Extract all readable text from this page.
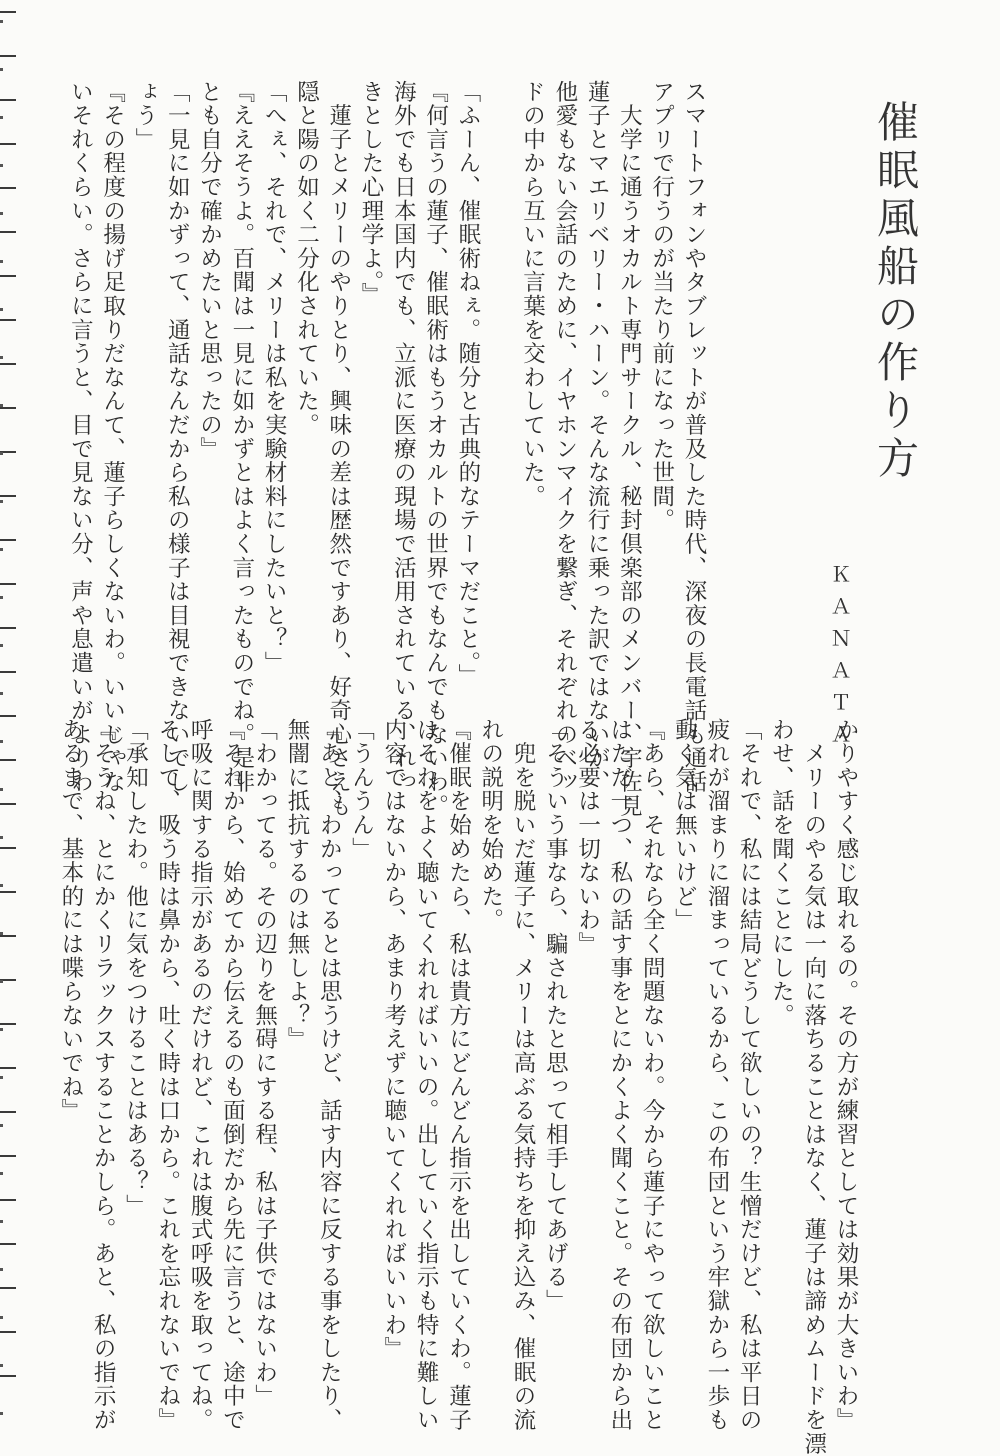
催眠風船の作り方
ＫＡＮＡＴＡ
スマートフォンやタブレットが普及した時代、深夜の長電話も通話
アプリで行うのが当たり前になった世間。
　大学に通うオカルト専門サークル、秘封倶楽部のメンバー、宇佐見
蓮子とマエリベリー・ハーン。そんな流行に乗った訳ではないが、
他愛もない会話のために、イヤホンマイクを繋ぎ、それぞれのベッ
ドの中から互いに言葉を交わしていた。

「ふーん、催眠術ねぇ。随分と古典的なテーマだこと。」
『何言うの蓮子、催眠術はもうオカルトの世界でもなんでもないわ。
海外でも日本国内でも、立派に医療の現場で活用されている、れっ
きとした心理学よ。』
　蓮子とメリーのやりとり、興味の差は歴然ですあり、好奇心さえも
隠と陽の如く二分化されていた。
「へぇ、それで、メリーは私を実験材料にしたいと？」
『ええそうよ。百聞は一見に如かずとはよく言ったものでね。是非
とも自分で確かめたいと思ったの』
「一見に如かずって、通話なんだから私の様子は目視できないでし
ょう」
『その程度の揚げ足取りだなんて、蓮子らしくないわ。いいじゃな
いそれくらい。さらに言うと、目で見ない分、声や息遣いがよりわ
かりやすく感じ取れるの。その方が練習としては効果が大きいわ』
　メリーのやる気は一向に落ちることはなく、蓮子は諦めムードを漂
わせ、話を聞くことにした。
「それで、私には結局どうして欲しいの？生憎だけど、私は平日の
疲れが溜まりに溜まっているから、この布団という牢獄から一歩も
動く気は無いけど」
『あら、それなら全く問題ないわ。今から蓮子にやって欲しいこと
はただ一つ、私の話す事をとにかくよく聞くこと。その布団から出
る必要は一切ないわ』
「そういう事なら、騙されたと思って相手してあげる」
　兜を脱いだ蓮子に、メリーは高ぶる気持ちを抑え込み、催眠の流
れの説明を始めた。
『催眠を始めたら、私は貴方にどんどん指示を出していくわ。蓮子
はそれをよく聴いてくれればいいの。出していく指示も特に難しい
内容ではないから、あまり考えずに聴いてくれればいいわ』
「うんうん」
『あと、わかってるとは思うけど、話す内容に反する事をしたり、
無闇に抵抗するのは無しよ？』
「わかってる。その辺りを無碍にする程、私は子供ではないわ」
『それから、始めてから伝えるのも面倒だから先に言うと、途中で
呼吸に関する指示があるのだけれど、これは腹式呼吸を取ってね。
そして、吸う時は鼻から、吐く時は口から。これを忘れないでね』
「承知したわ。他に気をつけることはある？」
『そうね、とにかくリラックスすることかしら。あと、私の指示が
あるまで、基本的には喋らないでね』
